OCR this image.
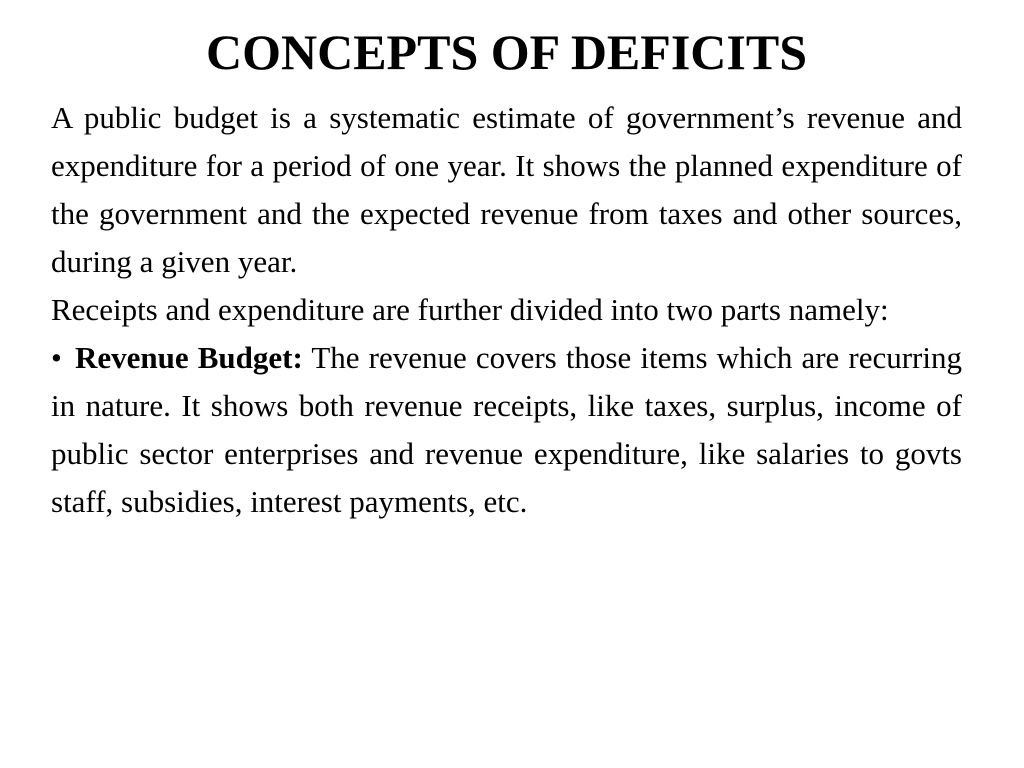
CONCEPTS OF DEFICITS

A public budget is a systematic estimate of government’s revenue and expenditure for a period of one year. It shows the planned expenditure of the government and the expected revenue from taxes and other sources, during a given year.

Receipts and expenditure are further divided into two parts namely:

• Revenue Budget: The revenue covers those items which are recurring in nature. It shows both revenue receipts, like taxes, surplus, income of public sector enterprises and revenue expenditure, like salaries to govts staff, subsidies, interest payments, etc.
